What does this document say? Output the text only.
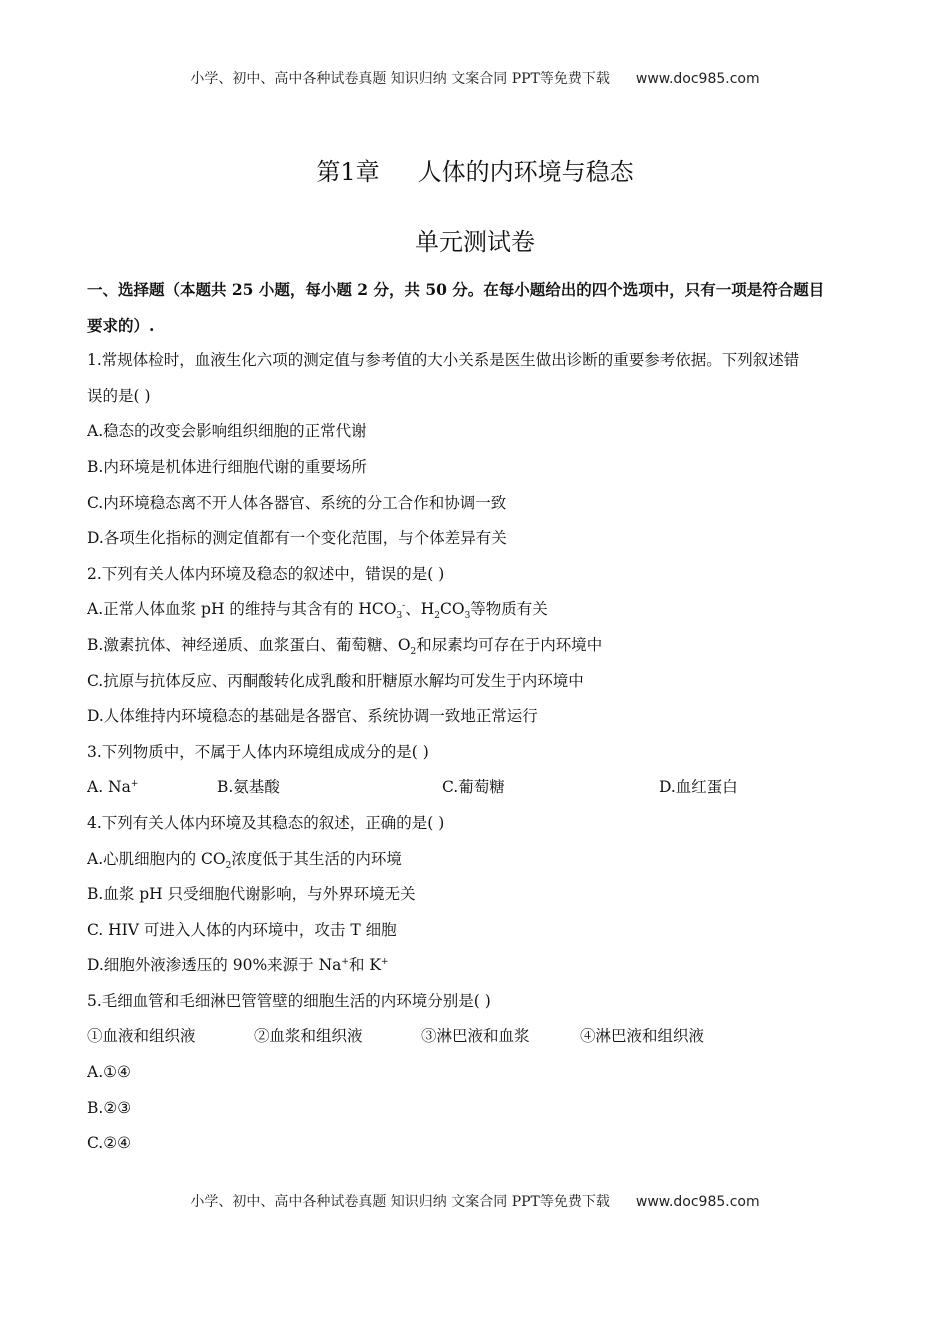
小学、初中、高中各种试卷真题 知识归纳 文案合同 PPT等免费下载 www.doc985.com
第1章 人体的内环境与稳态
单元测试卷
一、选择题（本题共 25 小题，每小题 2 分，共 50 分。在每小题给出的四个选项中，只有一项是符合题目
要求的）.
1.常规体检时，血液生化六项的测定值与参考值的大小关系是医生做出诊断的重要参考依据。下列叙述错
误的是( )
A.稳态的改变会影响组织细胞的正常代谢
B.内环境是机体进行细胞代谢的重要场所
C.内环境稳态离不开人体各器官、系统的分工合作和协调一致
D.各项生化指标的测定值都有一个变化范围，与个体差异有关
2.下列有关人体内环境及稳态的叙述中，错误的是( )
A.正常人体血浆 pH 的维持与其含有的 $HCO_3^-$、$H_2CO_3$等物质有关
B.激素抗体、神经递质、血浆蛋白、葡萄糖、$O_2$和尿素均可存在于内环境中
C.抗原与抗体反应、丙酮酸转化成乳酸和肝糖原水解均可发生于内环境中
D.人体维持内环境稳态的基础是各器官、系统协调一致地正常运行
3.下列物质中，不属于人体内环境组成成分的是( )
A. Na+	B.氨基酸	C.葡萄糖	D.血红蛋白
4.下列有关人体内环境及其稳态的叙述，正确的是( )
A.心肌细胞内的 $CO_2$浓度低于其生活的内环境
B.血浆 pH 只受细胞代谢影响，与外界环境无关
C. HIV 可进入人体的内环境中，攻击 T 细胞
D.细胞外液渗透压的 90%来源于 Na+和 K+
5.毛细血管和毛细淋巴管管壁的细胞生活的内环境分别是( )
①血液和组织液	②血浆和组织液	③淋巴液和血浆	④淋巴液和组织液
A.①④
B.②③
C.②④
小学、初中、高中各种试卷真题 知识归纳 文案合同 PPT等免费下载 www.doc985.com
